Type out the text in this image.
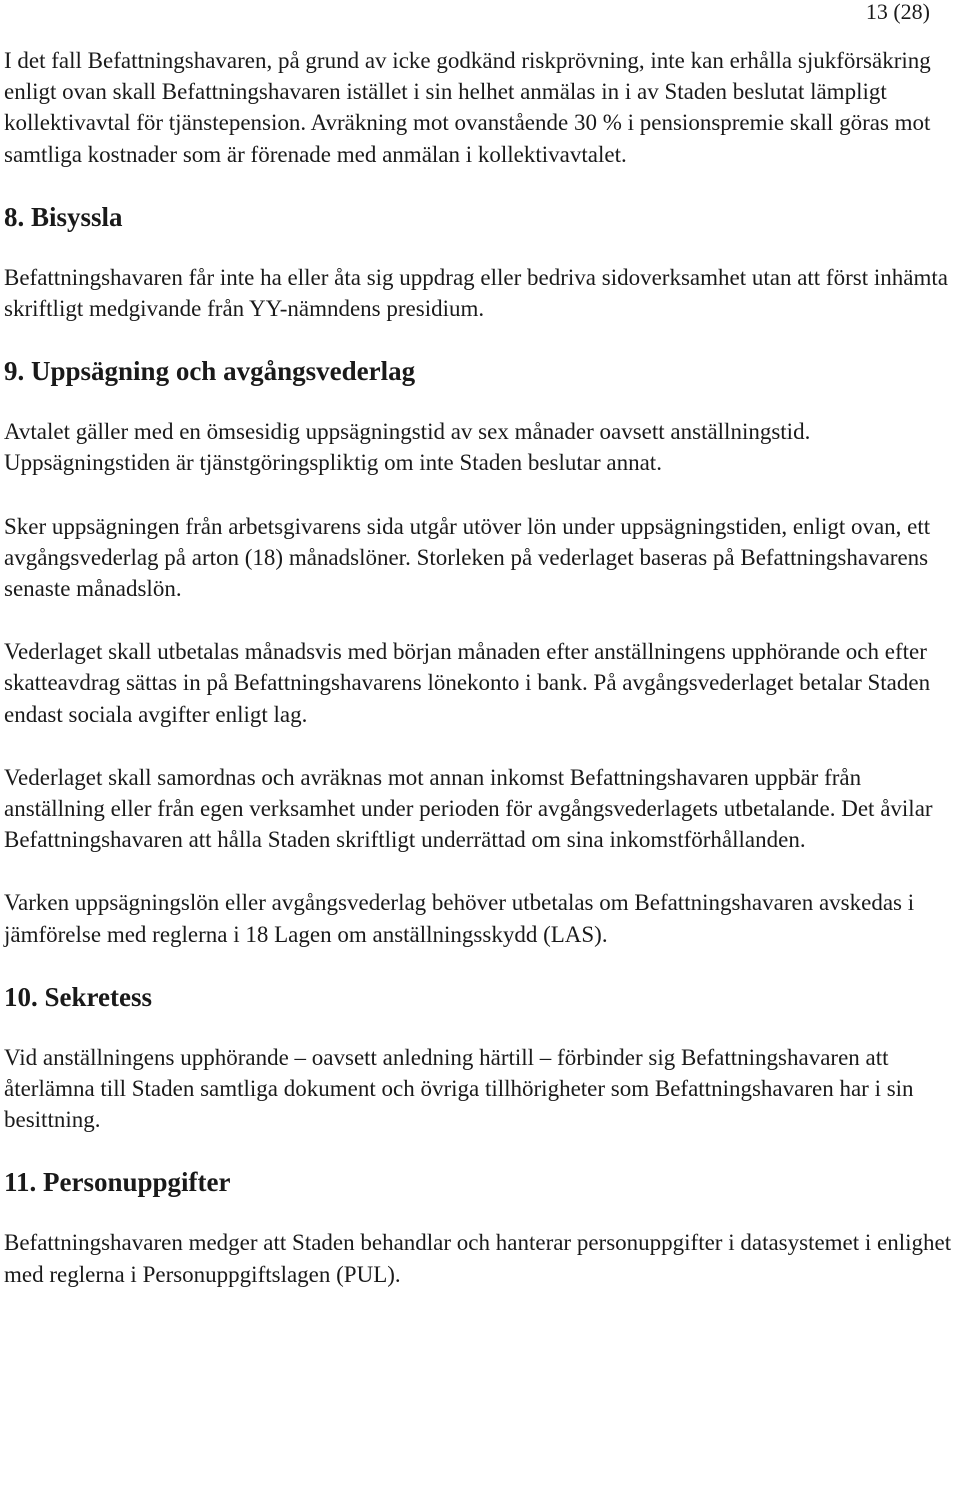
13 (28)

I det fall Befattningshavaren, på grund av icke godkänd riskprövning, inte kan erhålla sjukförsäkring enligt ovan skall Befattningshavaren istället i sin helhet anmälas in i av Staden beslutat lämpligt kollektivavtal för tjänstepension. Avräkning mot ovanstående 30 % i pensionspremie skall göras mot samtliga kostnader som är förenade med anmälan i kollektivavtalet.

8. Bisyssla

Befattningshavaren får inte ha eller åta sig uppdrag eller bedriva sidoverksamhet utan att först inhämta skriftligt medgivande från YY-nämndens presidium.

9. Uppsägning och avgångsvederlag

Avtalet gäller med en ömsesidig uppsägningstid av sex månader oavsett anställningstid. Uppsägningstiden är tjänstgöringspliktig om inte Staden beslutar annat.

Sker uppsägningen från arbetsgivarens sida utgår utöver lön under uppsägningstiden, enligt ovan, ett avgångsvederlag på arton (18) månadslöner. Storleken på vederlaget baseras på Befattningshavarens senaste månadslön.

Vederlaget skall utbetalas månadsvis med början månaden efter anställningens upphörande och efter skatteavdrag sättas in på Befattningshavarens lönekonto i bank. På avgångsvederlaget betalar Staden endast sociala avgifter enligt lag.

Vederlaget skall samordnas och avräknas mot annan inkomst Befattningshavaren uppbär från anställning eller från egen verksamhet under perioden för avgångsvederlagets utbetalande. Det åvilar Befattningshavaren att hålla Staden skriftligt underrättad om sina inkomstförhållanden.

Varken uppsägningslön eller avgångsvederlag behöver utbetalas om Befattningshavaren avskedas i jämförelse med reglerna i 18 Lagen om anställningsskydd (LAS).

10. Sekretess

Vid anställningens upphörande – oavsett anledning härtill – förbinder sig Befattningshavaren att återlämna till Staden samtliga dokument och övriga tillhörigheter som Befattningshavaren har i sin besittning.

11. Personuppgifter

Befattningshavaren medger att Staden behandlar och hanterar personuppgifter i datasystemet i enlighet med reglerna i Personuppgiftslagen (PUL).
